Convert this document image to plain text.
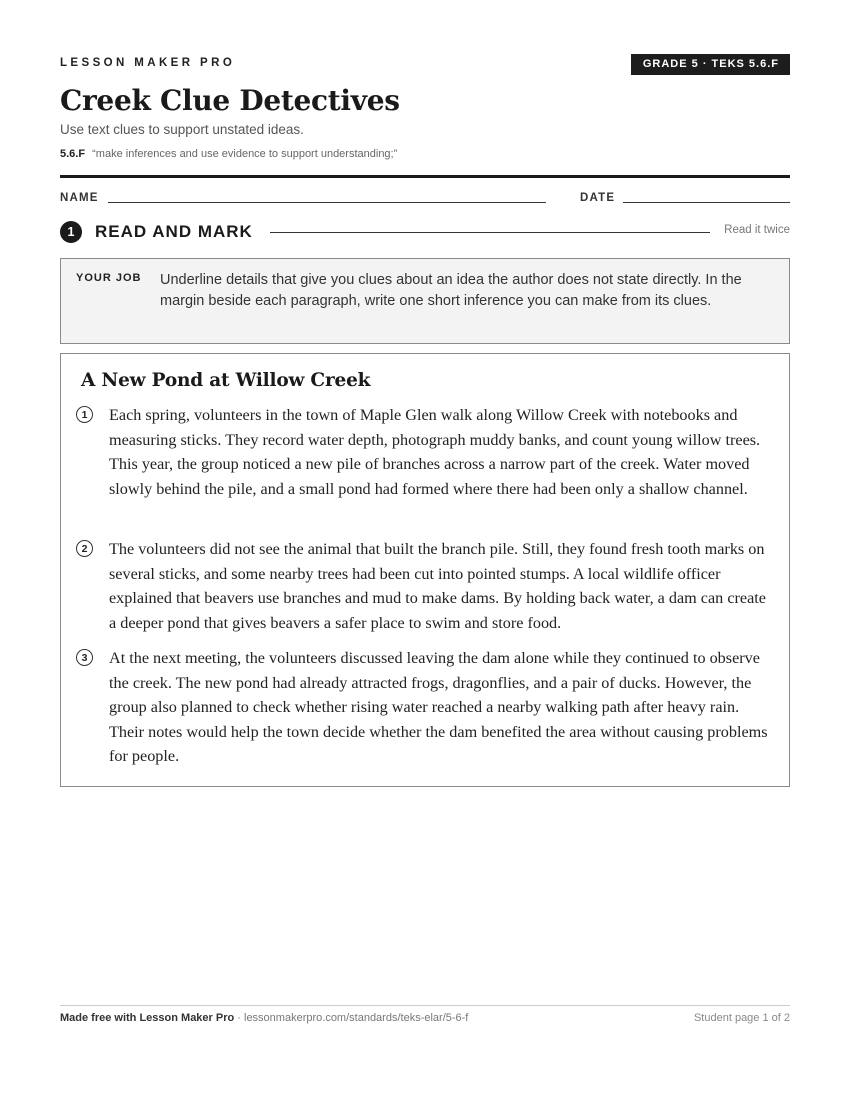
LESSON MAKER PRO	GRADE 5 · TEKS 5.6.F
Creek Clue Detectives
Use text clues to support unstated ideas.
5.6.F “make inferences and use evidence to support understanding;”
NAME	DATE
1	READ AND MARK	Read it twice
YOUR JOB Underline details that give you clues about an idea the author does not state directly. In the margin beside each paragraph, write one short inference you can make from its clues.
A New Pond at Willow Creek
1	Each spring, volunteers in the town of Maple Glen walk along Willow Creek with notebooks and measuring sticks. They record water depth, photograph muddy banks, and count young willow trees. This year, the group noticed a new pile of branches across a narrow part of the creek. Water moved slowly behind the pile, and a small pond had formed where there had been only a shallow channel.

2	The volunteers did not see the animal that built the branch pile. Still, they found fresh tooth marks on several sticks, and some nearby trees had been cut into pointed stumps. A local wildlife officer explained that beavers use branches and mud to make dams. By holding back water, a dam can create a deeper pond that gives beavers a safer place to swim and store food.

3	At the next meeting, the volunteers discussed leaving the dam alone while they continued to observe the creek. The new pond had already attracted frogs, dragonflies, and a pair of ducks. However, the group also planned to check whether rising water reached a nearby walking path after heavy rain. Their notes would help the town decide whether the dam benefited the area without causing problems for people.

Made free with Lesson Maker Pro · lessonmakerpro.com/standards/teks-elar/5-6-f	Student page 1 of 2
